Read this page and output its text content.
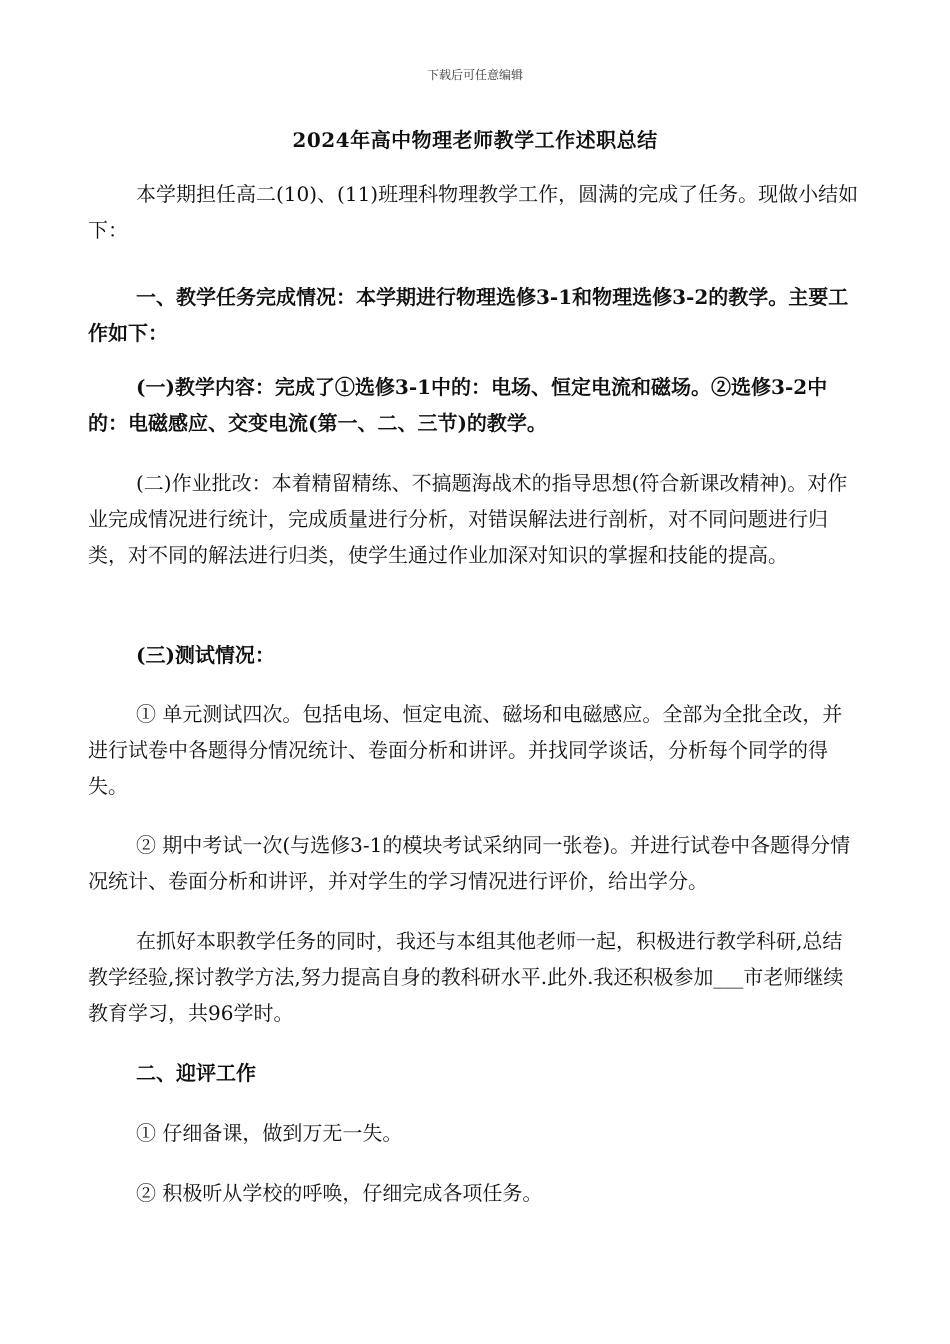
下载后可任意编辑
2024年高中物理老师教学工作述职总结

本学期担任高二(10)、(11)班理科物理教学工作，圆满的完成了任务。现做小结如下：

一、教学任务完成情况：本学期进行物理选修3-1和物理选修3-2的教学。主要工作如下：

(一)教学内容：完成了①选修3-1中的：电场、恒定电流和磁场。②选修3-2中的：电磁感应、交变电流(第一、二、三节)的教学。

(二)作业批改：本着精留精练、不搞题海战术的指导思想(符合新课改精神)。对作业完成情况进行统计，完成质量进行分析，对错误解法进行剖析，对不同问题进行归类，对不同的解法进行归类，使学生通过作业加深对知识的掌握和技能的提高。

(三)测试情况：

① 单元测试四次。包括电场、恒定电流、磁场和电磁感应。全部为全批全改，并进行试卷中各题得分情况统计、卷面分析和讲评。并找同学谈话，分析每个同学的得失。

② 期中考试一次(与选修3-1的模块考试采纳同一张卷)。并进行试卷中各题得分情况统计、卷面分析和讲评，并对学生的学习情况进行评价，给出学分。

在抓好本职教学任务的同时，我还与本组其他老师一起，积极进行教学科研,总结教学经验,探讨教学方法,努力提高自身的教科研水平.此外.我还积极参加___市老师继续教育学习，共96学时。

二、迎评工作

① 仔细备课，做到万无一失。

② 积极听从学校的呼唤，仔细完成各项任务。
